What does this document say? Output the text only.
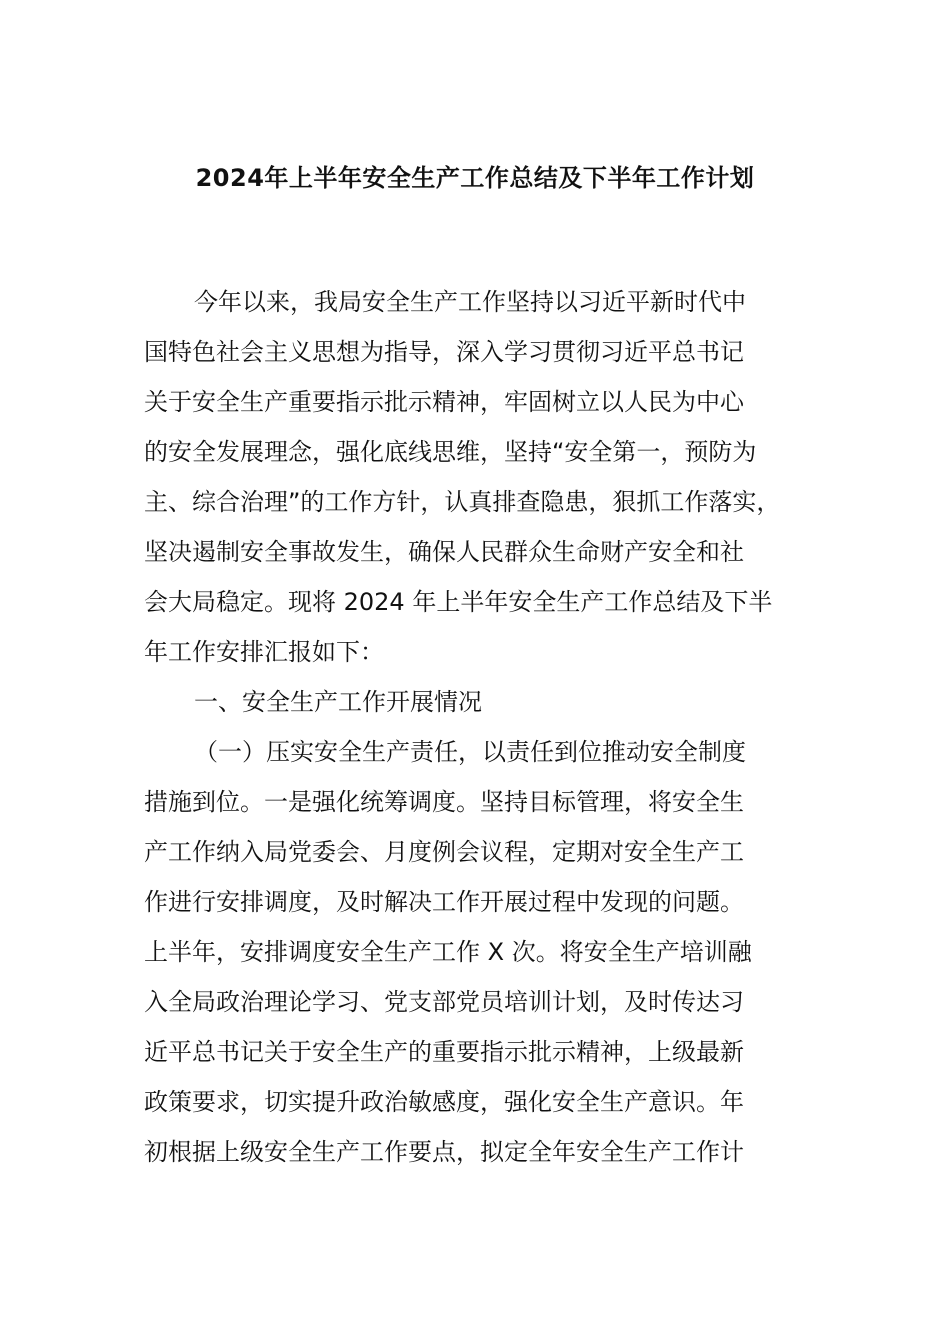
2024年上半年安全生产工作总结及下半年工作计划
今年以来，我局安全生产工作坚持以习近平新时代中
国特色社会主义思想为指导，深入学习贯彻习近平总书记
关于安全生产重要指示批示精神，牢固树立以人民为中心
的安全发展理念，强化底线思维，坚持“安全第一，预防为
主、综合治理”的工作方针，认真排查隐患，狠抓工作落实，
坚决遏制安全事故发生，确保人民群众生命财产安全和社
会大局稳定。现将 2024 年上半年安全生产工作总结及下半
年工作安排汇报如下：
一、安全生产工作开展情况
（一）压实安全生产责任，以责任到位推动安全制度
措施到位。一是强化统筹调度。坚持目标管理，将安全生
产工作纳入局党委会、月度例会议程，定期对安全生产工
作进行安排调度，及时解决工作开展过程中发现的问题。
上半年，安排调度安全生产工作 X 次。将安全生产培训融
入全局政治理论学习、党支部党员培训计划，及时传达习
近平总书记关于安全生产的重要指示批示精神，上级最新
政策要求，切实提升政治敏感度，强化安全生产意识。年
初根据上级安全生产工作要点，拟定全年安全生产工作计
